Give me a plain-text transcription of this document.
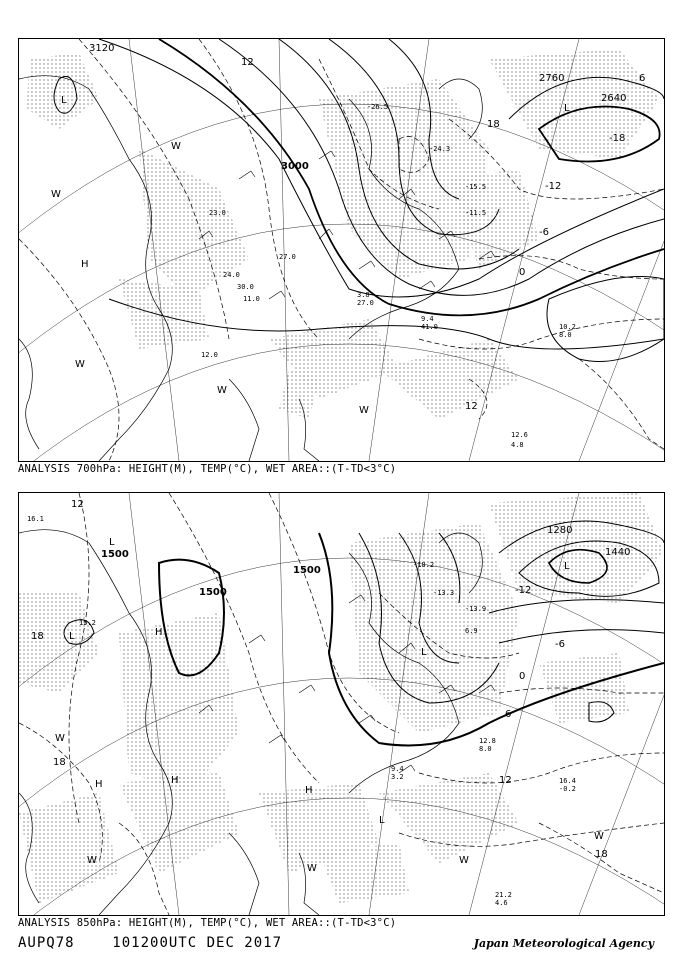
3120
3000
2760
2640
12
-6
-12
-18
0
6
12
18
L
H
L
W
W
W
W
W
23.0
24.0
27.0
30.0
11.0
12.0
-15.5
-11.5
-24.3
-26.5
10.2
8.0
12.6
4.8
9.4
41.0
3.8
27.0
ANALYSIS 700hPa: HEIGHT(M), TEMP(°C), WET AREA::(T-TD<3°C)
1500
1500
1500
1280
1440
12
-6
-12
0
6
12
18
18
18
L
L
L
H
H	H
H
L
L
W
W	W
W
W
-18.2
-13.3
-13.9
6.9
9.4
3.2
12.8
8.0
16.4
-0.2
21.2
4.6
15.2
16.1
ANALYSIS 850hPa: HEIGHT(M), TEMP(°C), WET AREA::(T-TD<3°C)
AUPQ78	101200UTC DEC 2017	Japan Meteorological Agency
